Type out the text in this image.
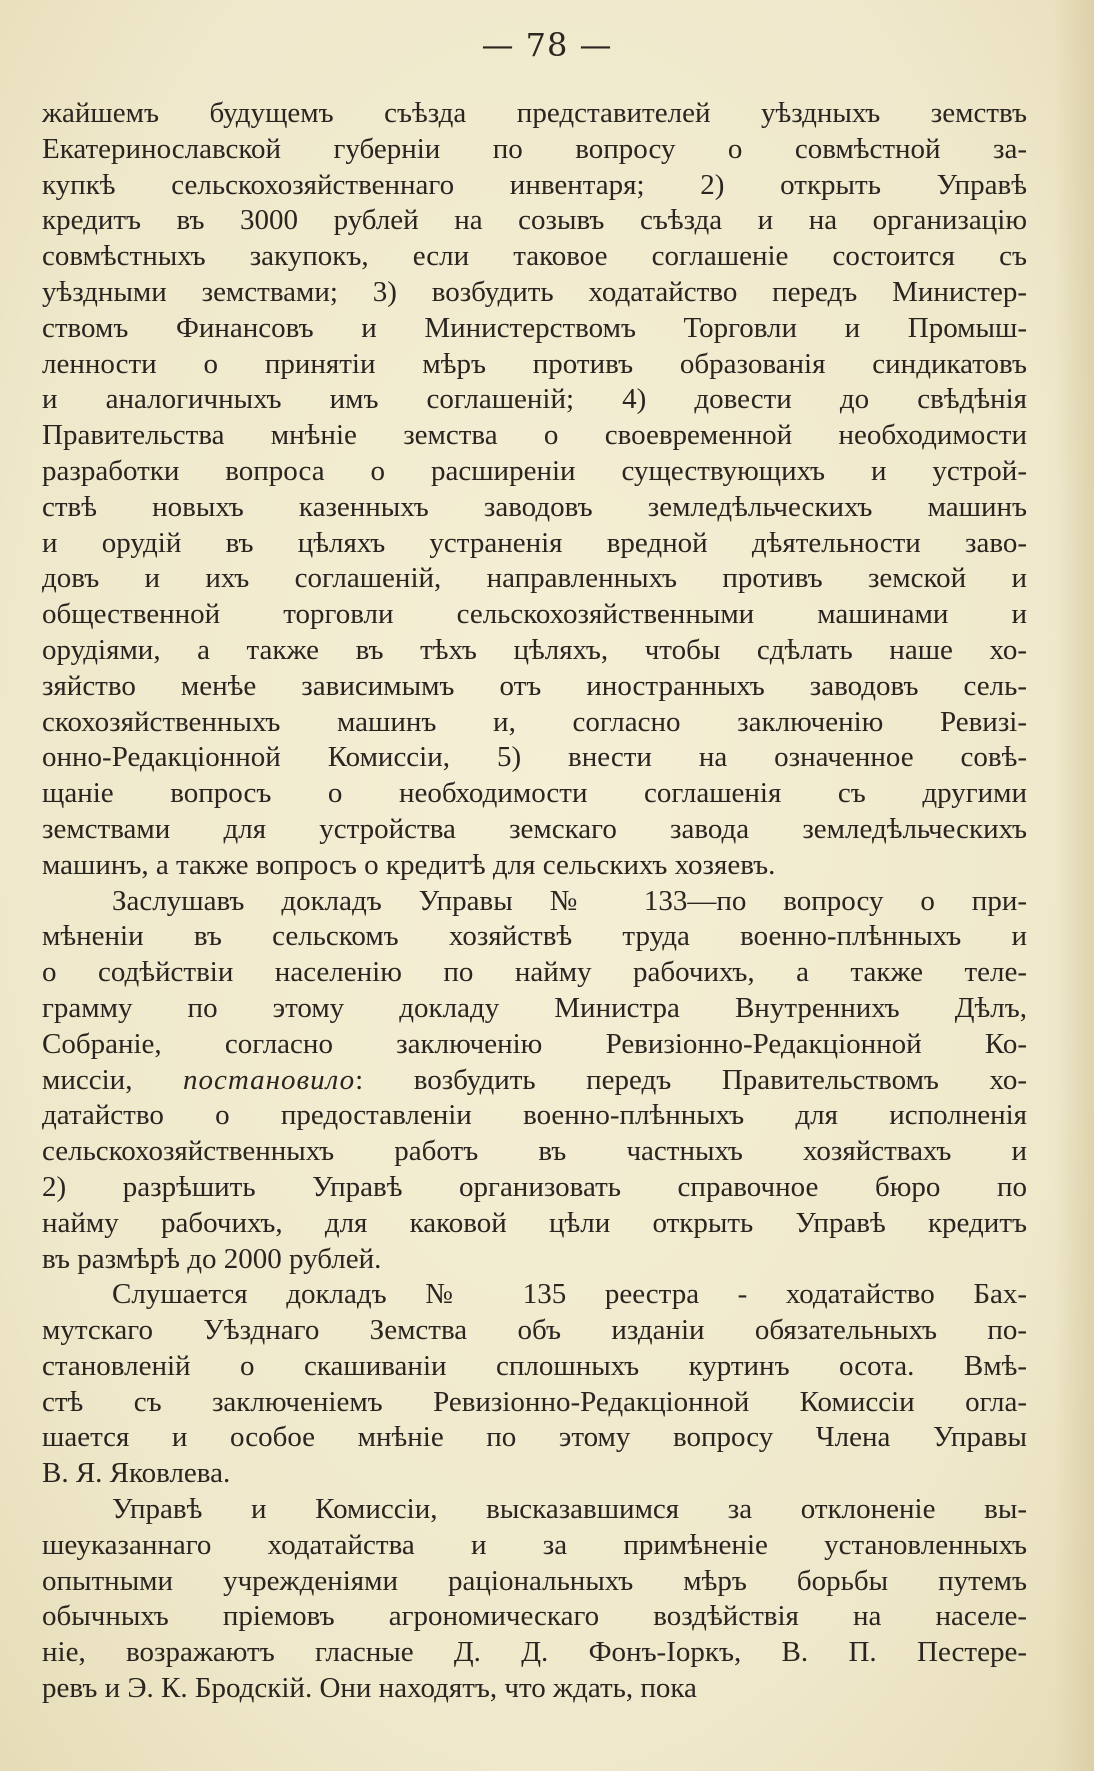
— 78 —
жайшемъ будущемъ съѣзда представителей уѣздныхъ земствъ
Екатеринославской губерніи по вопросу о совмѣстной за-
купкѣ сельскохозяйственнаго инвентаря; 2) открыть Управѣ
кредитъ въ 3000 рублей на созывъ съѣзда и на организацію
совмѣстныхъ закупокъ, если таковое соглашеніе состоится съ
уѣздными земствами; 3) возбудить ходатайство передъ Министер-
ствомъ Финансовъ и Министерствомъ Торговли и Промыш-
ленности о принятіи мѣръ противъ образованія синдикатовъ
и аналогичныхъ имъ соглашеній; 4) довести до свѣдѣнія
Правительства мнѣніе земства о своевременной необходимости
разработки вопроса о расширеніи существующихъ и устрой-
ствѣ новыхъ казенныхъ заводовъ земледѣльческихъ машинъ
и орудій въ цѣляхъ устраненія вредной дѣятельности заво-
довъ и ихъ соглашеній, направленныхъ противъ земской и
общественной торговли сельскохозяйственными машинами и
орудіями, а также въ тѣхъ цѣляхъ, чтобы сдѣлать наше хо-
зяйство менѣе зависимымъ отъ иностранныхъ заводовъ сель-
скохозяйственныхъ машинъ и, согласно заключенію Ревизі-
онно-Редакціонной Комиссіи, 5) внести на означенное совѣ-
щаніе вопросъ о необходимости соглашенія съ другими
земствами для устройства земскаго завода земледѣльческихъ
машинъ, а также вопросъ о кредитѣ для сельскихъ хозяевъ.
Заслушавъ докладъ Управы № 133—по вопросу о при-
мѣненіи въ сельскомъ хозяйствѣ труда военно-плѣнныхъ и
о содѣйствіи населенію по найму рабочихъ, а также теле-
грамму по этому докладу Министра Внутреннихъ Дѣлъ,
Собраніе, согласно заключенію Ревизіонно-Редакціонной Ко-
миссіи, постановило: возбудить передъ Правительствомъ хо-
датайство о предоставленіи военно-плѣнныхъ для исполненія
сельскохозяйственныхъ работъ въ частныхъ хозяйствахъ и
2) разрѣшить Управѣ организовать справочное бюро по
найму рабочихъ, для каковой цѣли открыть Управѣ кредитъ
въ размѣрѣ до 2000 рублей.
Слушается докладъ № 135 реестра - ходатайство Бах-
мутскаго Уѣзднаго Земства объ изданіи обязательныхъ по-
становленій о скашиваніи сплошныхъ куртинъ осота. Вмѣ-
стѣ съ заключеніемъ Ревизіонно-Редакціонной Комиссіи огла-
шается и особое мнѣніе по этому вопросу Члена Управы
В. Я. Яковлева.
Управѣ и Комиссіи, высказавшимся за отклоненіе вы-
шеуказаннаго ходатайства и за примѣненіе установленныхъ
опытными учрежденіями раціональныхъ мѣръ борьбы путемъ
обычныхъ пріемовъ агрономическаго воздѣйствія на населе-
ніе, возражаютъ гласные Д. Д. Фонъ-Іоркъ, В. П. Пестере-
ревъ и Э. К. Бродскій. Они находятъ, что ждать, пока
